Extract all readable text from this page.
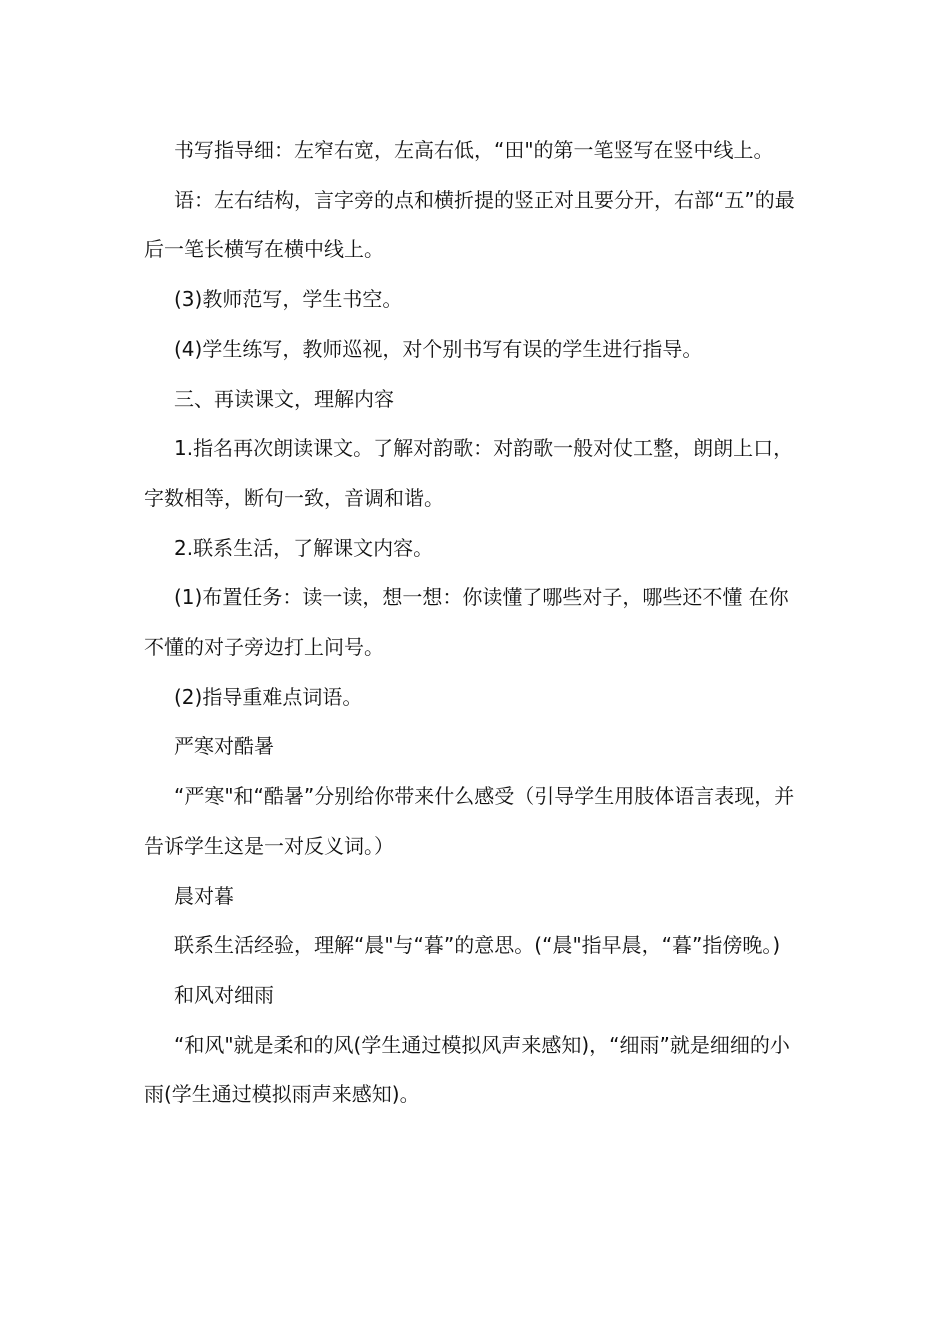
书写指导细：左窄右宽，左高右低，“田"的第一笔竖写在竖中线上。

语：左右结构，言字旁的点和横折提的竖正对且要分开，右部“五”的最后一笔长横写在横中线上。

(3)教师范写，学生书空。

(4)学生练写，教师巡视，对个别书写有误的学生进行指导。

三、再读课文，理解内容

1.指名再次朗读课文。了解对韵歌：对韵歌一般对仗工整，朗朗上口，字数相等，断句一致，音调和谐。

2.联系生活，了解课文内容。

(1)布置任务：读一读，想一想：你读懂了哪些对子，哪些还不懂 在你不懂的对子旁边打上问号。

(2)指导重难点词语。

严寒对酷暑

“严寒"和“酷暑”分别给你带来什么感受（引导学生用肢体语言表现，并告诉学生这是一对反义词。）

晨对暮

联系生活经验，理解“晨"与“暮”的意思。(“晨"指早晨，“暮”指傍晚。)

和风对细雨

“和风"就是柔和的风(学生通过模拟风声来感知)，“细雨”就是细细的小雨(学生通过模拟雨声来感知)。
